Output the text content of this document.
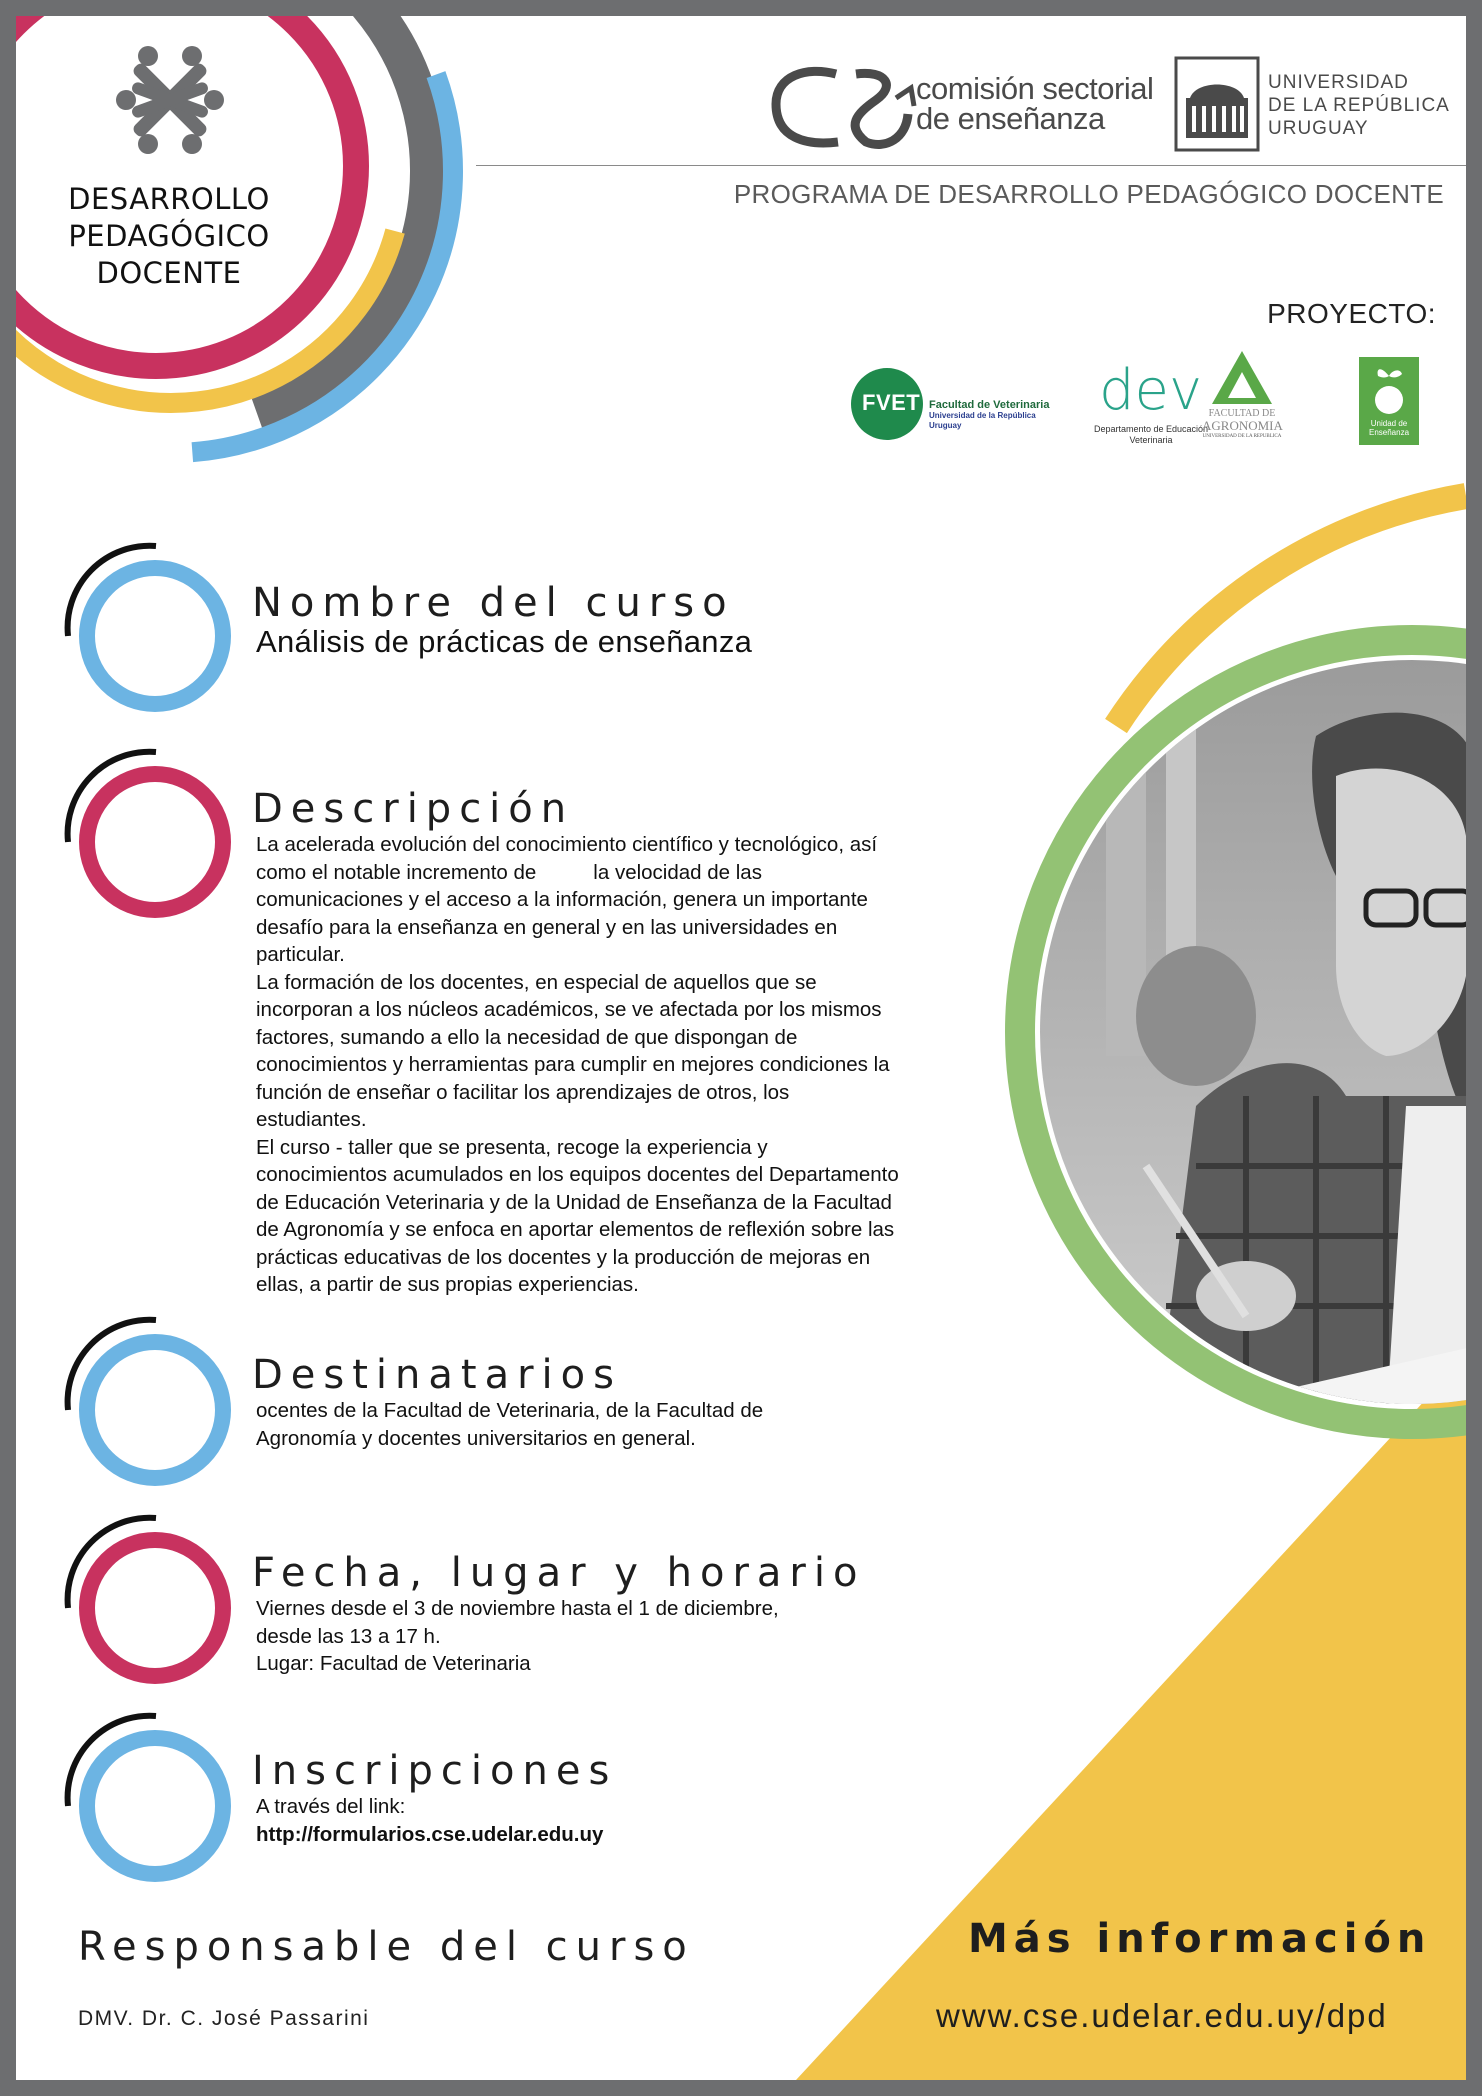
DESARROLLO
PEDAGÓGICO
DOCENTE
comisión sectorial
de enseñanza
UNIVERSIDAD
DE LA REPÚBLICA
URUGUAY
PROGRAMA DE DESARROLLO PEDAGÓGICO DOCENTE
PROYECTO:
FVET Facultad de Veterinaria
Universidad de la República
Uruguay
dev
Departamento de Educación
Veterinaria
FACULTAD DE
AGRONOMIA
UNIVERSIDAD DE LA REPUBLICA
Unidad de
Enseñanza
Nombre del curso
Análisis de prácticas de enseñanza
Descripción

La acelerada evolución del conocimiento científico y tecnológico, así

como el notable incremento de          la velocidad de las

comunicaciones y el acceso a la información, genera un importante

desafío para la enseñanza en general y en las universidades en

particular.

La formación de los docentes, en especial de aquellos que se

incorporan a los núcleos académicos, se ve afectada por los mismos

factores, sumando a ello la necesidad de que dispongan de

conocimientos y herramientas para cumplir en mejores condiciones la

función de enseñar o facilitar los aprendizajes de otros, los

estudiantes.

El curso - taller que se presenta, recoge la experiencia y

conocimientos acumulados en los equipos docentes del Departamento

de Educación Veterinaria y de la Unidad de Enseñanza de la Facultad

de Agronomía y se enfoca en aportar elementos de reflexión sobre las

prácticas educativas de los docentes y la producción de mejoras en

ellas, a partir de sus propias experiencias.

Destinatarios

ocentes de la Facultad de Veterinaria, de la Facultad de

Agronomía y docentes universitarios en general.

Fecha, lugar y horario

Viernes desde el 3 de noviembre hasta el 1 de diciembre,

desde las 13 a 17 h.

Lugar: Facultad de Veterinaria

Inscripciones

A través del link:

http://formularios.cse.udelar.edu.uy

Responsable del curso
DMV. Dr. C. José Passarini
Más información
www.cse.udelar.edu.uy/dpd
